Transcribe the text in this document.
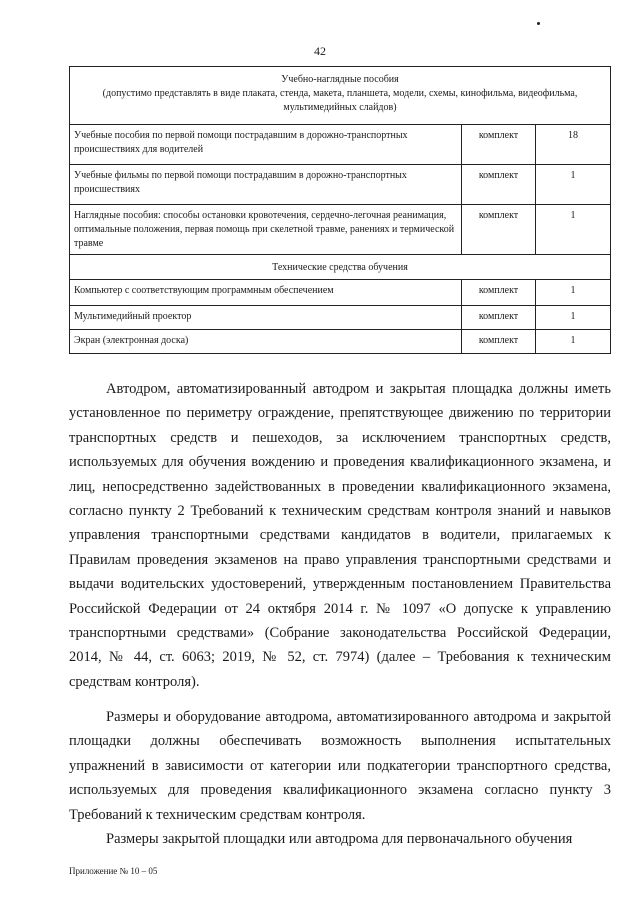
42
Учебно-наглядные пособия
(допустимо представлять в виде плаката, стенда, макета, планшета, модели, схемы, кинофильма, видеофильма, мультимедийных слайдов)		

Учебные пособия по первой помощи пострадавшим в дорожно-транспортных происшествиях для водителей	комплект	18
Учебные фильмы по первой помощи пострадавшим в дорожно-транспортных происшествиях	комплект	1
Наглядные пособия: способы остановки кровотечения, сердечно-легочная реанимация, оптимальные положения, первая помощь при скелетной травме, ранениях и термической травме	комплект	1

Технические средства обучения		

Компьютер с соответствующим программным обеспечением	комплект	1
Мультимедийный проектор	комплект	1
Экран (электронная доска)	комплект	1

Автодром, автоматизированный автодром и закрытая площадка должны иметь установленное по периметру ограждение, препятствующее движению по территории транспортных средств и пешеходов, за исключением транспортных средств, используемых для обучения вождению и проведения квалификационного экзамена, и лиц, непосредственно задействованных в проведении квалификационного экзамена, согласно пункту 2 Требований к техническим средствам контроля знаний и навыков управления транспортными средствами кандидатов в водители, прилагаемых к Правилам проведения экзаменов на право управления транспортными средствами и выдачи водительских удостоверений, утвержденным постановлением Правительства Российской Федерации от 24 октября 2014 г. № 1097 «О допуске к управлению транспортными средствами» (Собрание законодательства Российской Федерации, 2014, № 44, ст. 6063; 2019, № 52, ст. 7974) (далее – Требования к техническим средствам контроля).

Размеры и оборудование автодрома, автоматизированного автодрома и закрытой площадки должны обеспечивать возможность выполнения испытательных упражнений в зависимости от категории или подкатегории транспортного средства, используемых для проведения квалификационного экзамена согласно пункту 3 Требований к техническим средствам контроля.

Размеры закрытой площадки или автодрома для первоначального обучения

Приложение № 10 – 05
